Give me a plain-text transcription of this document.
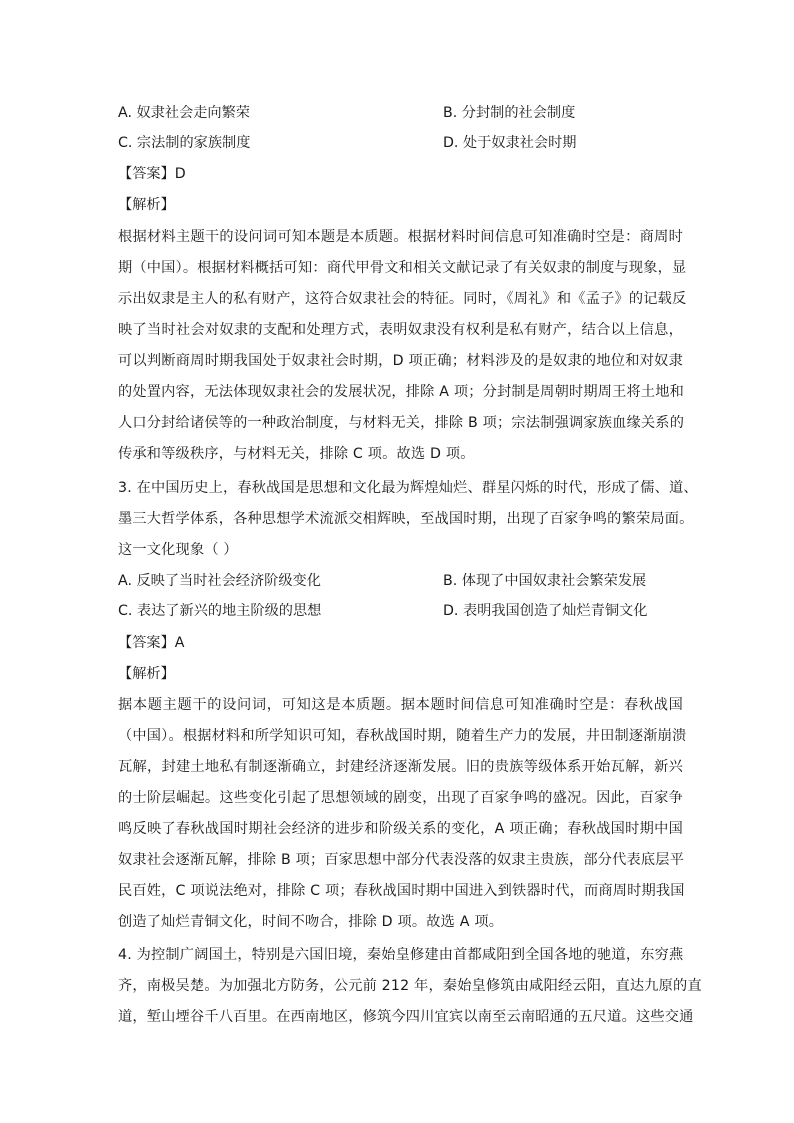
A. 奴隶社会走向繁荣	B. 分封制的社会制度
C. 宗法制的家族制度	D. 处于奴隶社会时期
【答案】D
【解析】
根据材料主题干的设问词可知本题是本质题。根据材料时间信息可知准确时空是：商周时
期（中国）。根据材料概括可知：商代甲骨文和相关文献记录了有关奴隶的制度与现象，显
示出奴隶是主人的私有财产，这符合奴隶社会的特征。同时，《周礼》和《孟子》的记载反
映了当时社会对奴隶的支配和处理方式，表明奴隶没有权利是私有财产，结合以上信息，
可以判断商周时期我国处于奴隶社会时期，D 项正确；材料涉及的是奴隶的地位和对奴隶
的处置内容，无法体现奴隶社会的发展状况，排除 A 项；分封制是周朝时期周王将土地和
人口分封给诸侯等的一种政治制度，与材料无关，排除 B 项；宗法制强调家族血缘关系的
传承和等级秩序，与材料无关，排除 C 项。故选 D 项。
3. 在中国历史上，春秋战国是思想和文化最为辉煌灿烂、群星闪烁的时代，形成了儒、道、
墨三大哲学体系，各种思想学术流派交相辉映，至战国时期，出现了百家争鸣的繁荣局面。
这一文化现象（ ）
A. 反映了当时社会经济阶级变化	B. 体现了中国奴隶社会繁荣发展
C. 表达了新兴的地主阶级的思想	D. 表明我国创造了灿烂青铜文化
【答案】A
【解析】
据本题主题干的设问词，可知这是本质题。据本题时间信息可知准确时空是：春秋战国
（中国）。根据材料和所学知识可知，春秋战国时期，随着生产力的发展，井田制逐渐崩溃
瓦解，封建土地私有制逐渐确立，封建经济逐渐发展。旧的贵族等级体系开始瓦解，新兴
的士阶层崛起。这些变化引起了思想领域的剧变，出现了百家争鸣的盛况。因此，百家争
鸣反映了春秋战国时期社会经济的进步和阶级关系的变化，A 项正确；春秋战国时期中国
奴隶社会逐渐瓦解，排除 B 项；百家思想中部分代表没落的奴隶主贵族，部分代表底层平
民百姓，C 项说法绝对，排除 C 项；春秋战国时期中国进入到铁器时代，而商周时期我国
创造了灿烂青铜文化，时间不吻合，排除 D 项。故选 A 项。
4. 为控制广阔国土，特别是六国旧境，秦始皇修建由首都咸阳到全国各地的驰道，东穷燕
齐，南极吴楚。为加强北方防务，公元前 212 年，秦始皇修筑由咸阳经云阳，直达九原的直
道，堑山堙谷千八百里。在西南地区，修筑今四川宜宾以南至云南昭通的五尺道。这些交通
